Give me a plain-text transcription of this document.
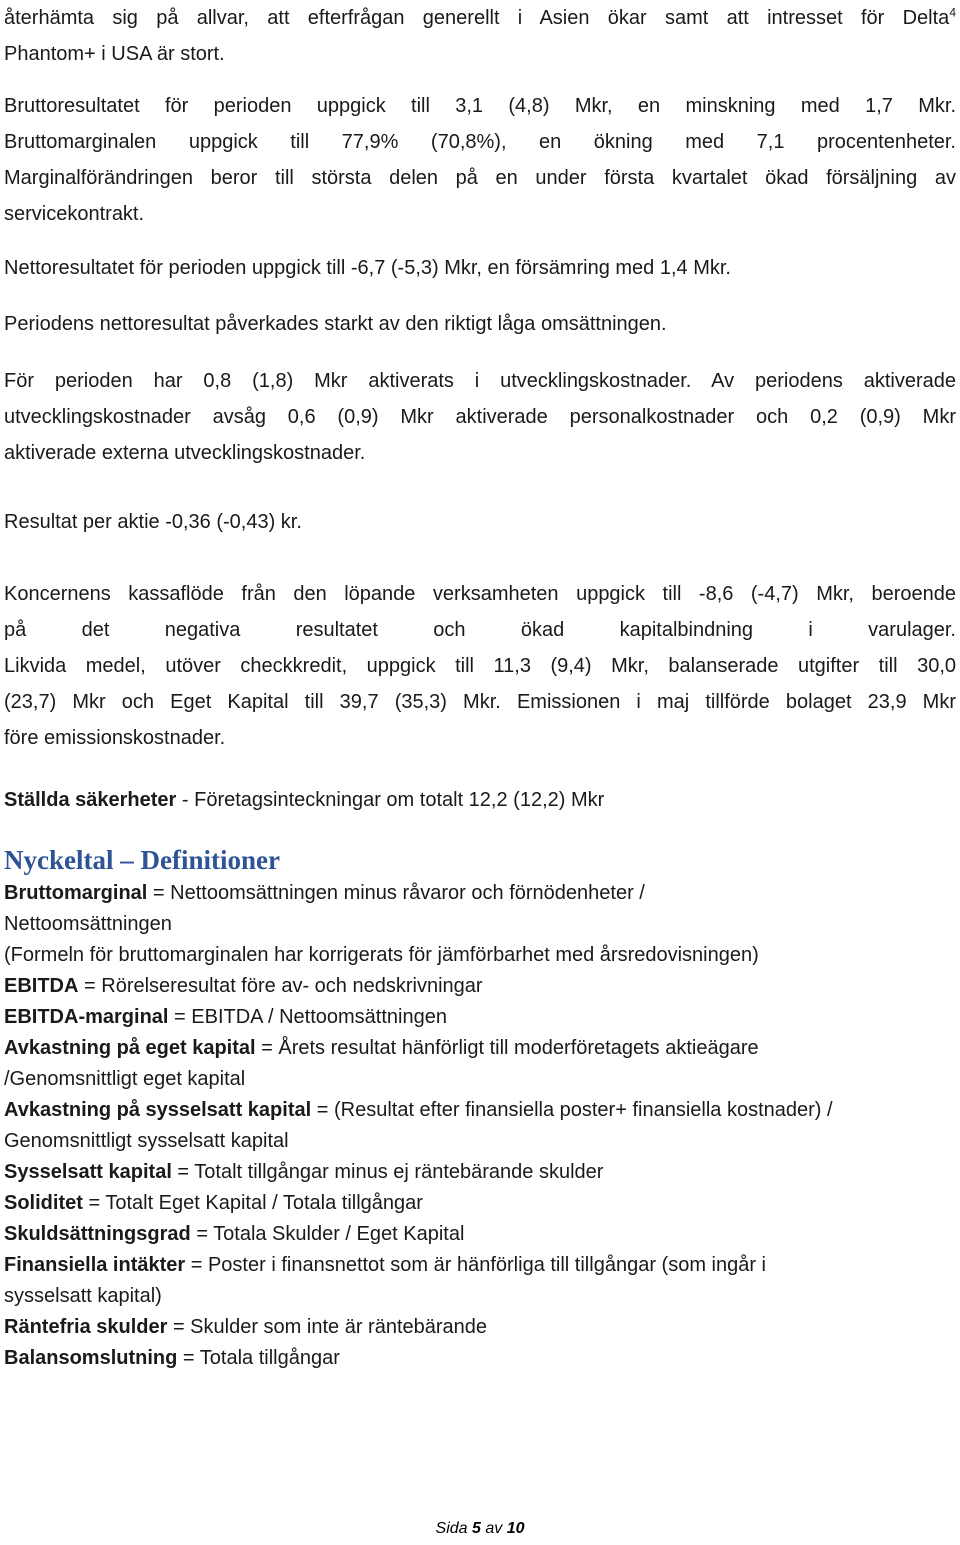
återhämta sig på allvar, att efterfrågan generellt i Asien ökar samt att intresset för Delta$^4$ Phantom+ i USA är stort.
Bruttoresultatet för perioden uppgick till 3,1 (4,8) Mkr, en minskning med 1,7 Mkr. Bruttomarginalen uppgick till 77,9% (70,8%), en ökning med 7,1 procentenheter. Marginalförändringen beror till största delen på en under första kvartalet ökad försäljning av servicekontrakt.
Nettoresultatet för perioden uppgick till -6,7 (-5,3) Mkr, en försämring med 1,4 Mkr.
Periodens nettoresultat påverkades starkt av den riktigt låga omsättningen.
För perioden har 0,8 (1,8) Mkr aktiverats i utvecklingskostnader. Av periodens aktiverade utvecklingskostnader avsåg 0,6 (0,9) Mkr aktiverade personalkostnader och 0,2 (0,9) Mkr aktiverade externa utvecklingskostnader.
Resultat per aktie -0,36 (-0,43) kr.
Koncernens kassaflöde från den löpande verksamheten uppgick till -8,6 (-4,7) Mkr, beroende på det negativa resultatet och ökad kapitalbindning i varulager. Likvida medel, utöver checkkredit, uppgick till 11,3 (9,4) Mkr, balanserade utgifter till 30,0 (23,7) Mkr och Eget Kapital till 39,7 (35,3) Mkr. Emissionen i maj tillförde bolaget 23,9 Mkr före emissionskostnader.
Ställda säkerheter - Företagsinteckningar om totalt 12,2 (12,2) Mkr
Nyckeltal – Definitioner
Bruttomarginal = Nettoomsättningen minus råvaror och förnödenheter /
Nettoomsättningen
(Formeln för bruttomarginalen har korrigerats för jämförbarhet med årsredovisningen)
EBITDA = Rörelseresultat före av- och nedskrivningar
EBITDA-marginal = EBITDA / Nettoomsättningen
Avkastning på eget kapital = Årets resultat hänförligt till moderföretagets aktieägare
/Genomsnittligt eget kapital
Avkastning på sysselsatt kapital = (Resultat efter finansiella poster+ finansiella kostnader) /
Genomsnittligt sysselsatt kapital
Sysselsatt kapital = Totalt tillgångar minus ej räntebärande skulder
Soliditet = Totalt Eget Kapital / Totala tillgångar
Skuldsättningsgrad = Totala Skulder / Eget Kapital
Finansiella intäkter = Poster i finansnettot som är hänförliga till tillgångar (som ingår i
sysselsatt kapital)
Räntefria skulder = Skulder som inte är räntebärande
Balansomslutning = Totala tillgångar
Sida 5 av 10
